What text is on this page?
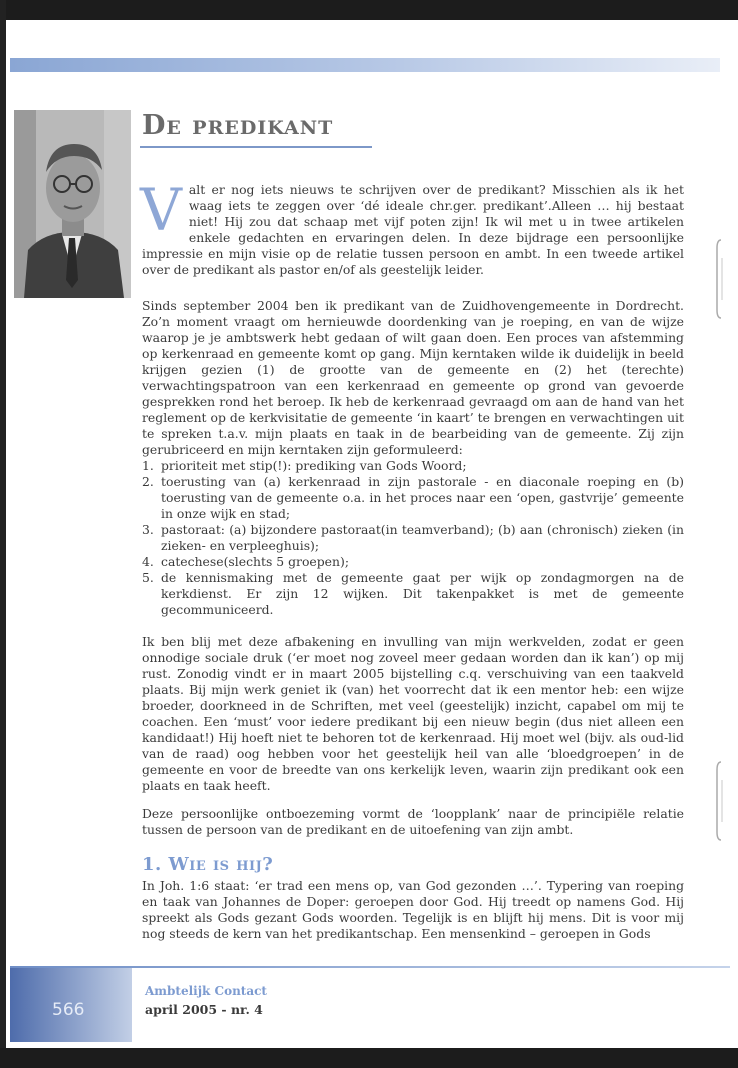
De predikant

Valt er nog iets nieuws te schrijven over de predikant? Misschien als ik het waag iets te zeggen over ‘dé ideale chr.ger. predikant’.Alleen … hij bestaat niet! Hij zou dat schaap met vijf poten zijn! Ik wil met u in twee artikelen enkele gedachten en ervaringen delen. In deze bijdrage een persoonlijke impressie en mijn visie op de relatie tussen persoon en ambt. In een tweede artikel over de predikant als pastor en/of als geestelijk leider.

Sinds september 2004 ben ik predikant van de Zuidhovengemeente in Dordrecht. Zo’n moment vraagt om hernieuwde doordenking van je roeping, en van de wijze waarop je je ambtswerk hebt gedaan of wilt gaan doen. Een proces van afstemming op kerkenraad en gemeente komt op gang. Mijn kerntaken wilde ik duidelijk in beeld krijgen gezien (1) de grootte van de gemeente en (2) het (terechte) verwachtingspatroon van een kerkenraad en gemeente op grond van gevoerde gesprekken rond het beroep. Ik heb de kerkenraad gevraagd om aan de hand van het reglement op de kerkvisitatie de gemeente ‘in kaart’ te brengen en verwachtingen uit te spreken t.a.v. mijn plaats en taak in de bearbeiding van de gemeente. Zij zijn gerubriceerd en mijn kerntaken zijn geformuleerd:

1. prioriteit met stip(!): prediking van Gods Woord;
2. toerusting van (a) kerkenraad in zijn pastorale - en diaconale roeping en (b) toerusting van de gemeente o.a. in het proces naar een ‘open, gastvrije’ gemeente in onze wijk en stad;
3. pastoraat: (a) bijzondere pastoraat(in teamverband); (b) aan (chronisch) zieken (in zieken- en verpleeghuis);
4. catechese(slechts 5 groepen);
5. de kennismaking met de gemeente gaat per wijk op zondagmorgen na de kerkdienst. Er zijn 12 wijken. Dit takenpakket is met de gemeente gecommuniceerd.

Ik ben blij met deze afbakening en invulling van mijn werkvelden, zodat er geen onnodige sociale druk (‘er moet nog zoveel meer gedaan worden dan ik kan’) op mij rust. Zonodig vindt er in maart 2005 bijstelling c.q. verschuiving van een taakveld plaats. Bij mijn werk geniet ik (van) het voorrecht dat ik een mentor heb: een wijze broeder, doorkneed in de Schriften, met veel (geestelijk) inzicht, capabel om mij te coachen. Een ‘must’ voor iedere predikant bij een nieuw begin (dus niet alleen een kandidaat!) Hij hoeft niet te behoren tot de kerkenraad. Hij moet wel (bijv. als oud-lid van de raad) oog hebben voor het geestelijk heil van alle ‘bloedgroepen’ in de gemeente en voor de breedte van ons kerkelijk leven, waarin zijn predikant ook een plaats en taak heeft.

Deze persoonlijke ontboezeming vormt de ‘loopplank’ naar de principiële relatie tussen de persoon van de predikant en de uitoefening van zijn ambt.

1. Wie is hij?

In Joh. 1:6 staat: ‘er trad een mens op, van God gezonden …’. Typering van roeping en taak van Johannes de Doper: geroepen door God. Hij treedt op namens God. Hij spreekt als Gods gezant Gods woorden. Tegelijk is en blijft hij mens. Dit is voor mij nog steeds de kern van het predikantschap. Een mensenkind – geroepen in Gods

566
Ambtelijk Contact
april 2005 - nr. 4
